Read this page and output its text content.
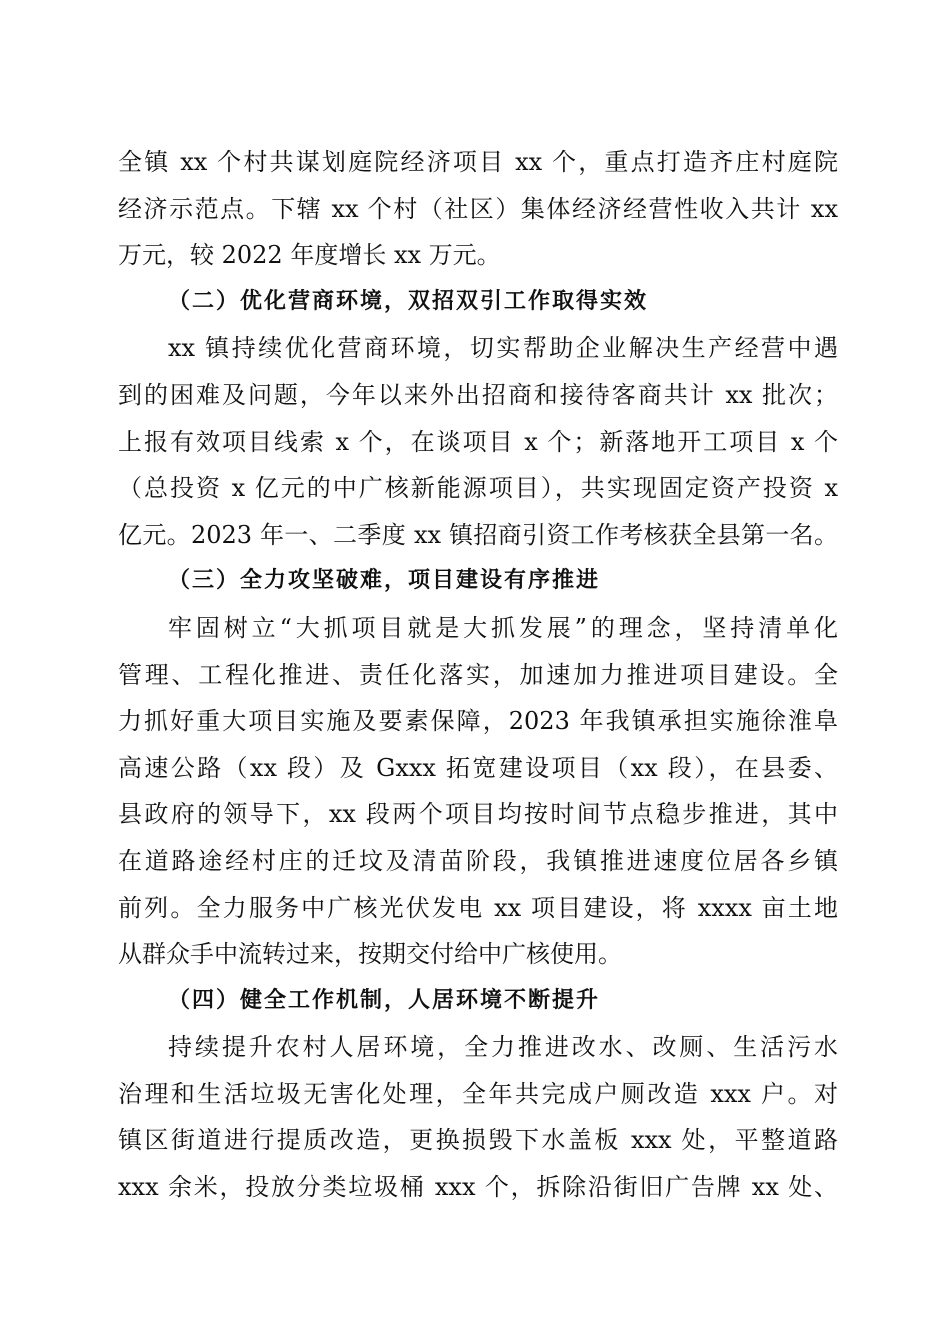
全镇 xx 个村共谋划庭院经济项目 xx 个，重点打造齐庄村庭院
经济示范点。下辖 xx 个村（社区）集体经济经营性收入共计 xx
万元，较 2022 年度增长 xx 万元。
（二）优化营商环境，双招双引工作取得实效
xx 镇持续优化营商环境，切实帮助企业解决生产经营中遇
到的困难及问题，今年以来外出招商和接待客商共计 xx 批次；
上报有效项目线索 x 个，在谈项目 x 个；新落地开工项目 x 个
（总投资 x 亿元的中广核新能源项目），共实现固定资产投资 x
亿元。2023 年一、二季度 xx 镇招商引资工作考核获全县第一名。
（三）全力攻坚破难，项目建设有序推进
牢固树立“大抓项目就是大抓发展”的理念，坚持清单化
管理、工程化推进、责任化落实，加速加力推进项目建设。全
力抓好重大项目实施及要素保障，2023 年我镇承担实施徐淮阜
高速公路（xx 段）及 Gxxx 拓宽建设项目（xx 段），在县委、
县政府的领导下，xx 段两个项目均按时间节点稳步推进，其中
在道路途经村庄的迁坟及清苗阶段，我镇推进速度位居各乡镇
前列。全力服务中广核光伏发电 xx 项目建设，将 xxxx 亩土地
从群众手中流转过来，按期交付给中广核使用。
（四）健全工作机制，人居环境不断提升
持续提升农村人居环境，全力推进改水、改厕、生活污水
治理和生活垃圾无害化处理，全年共完成户厕改造 xxx 户。对
镇区街道进行提质改造，更换损毁下水盖板 xxx 处，平整道路
xxx 余米，投放分类垃圾桶 xxx 个，拆除沿街旧广告牌 xx 处、
